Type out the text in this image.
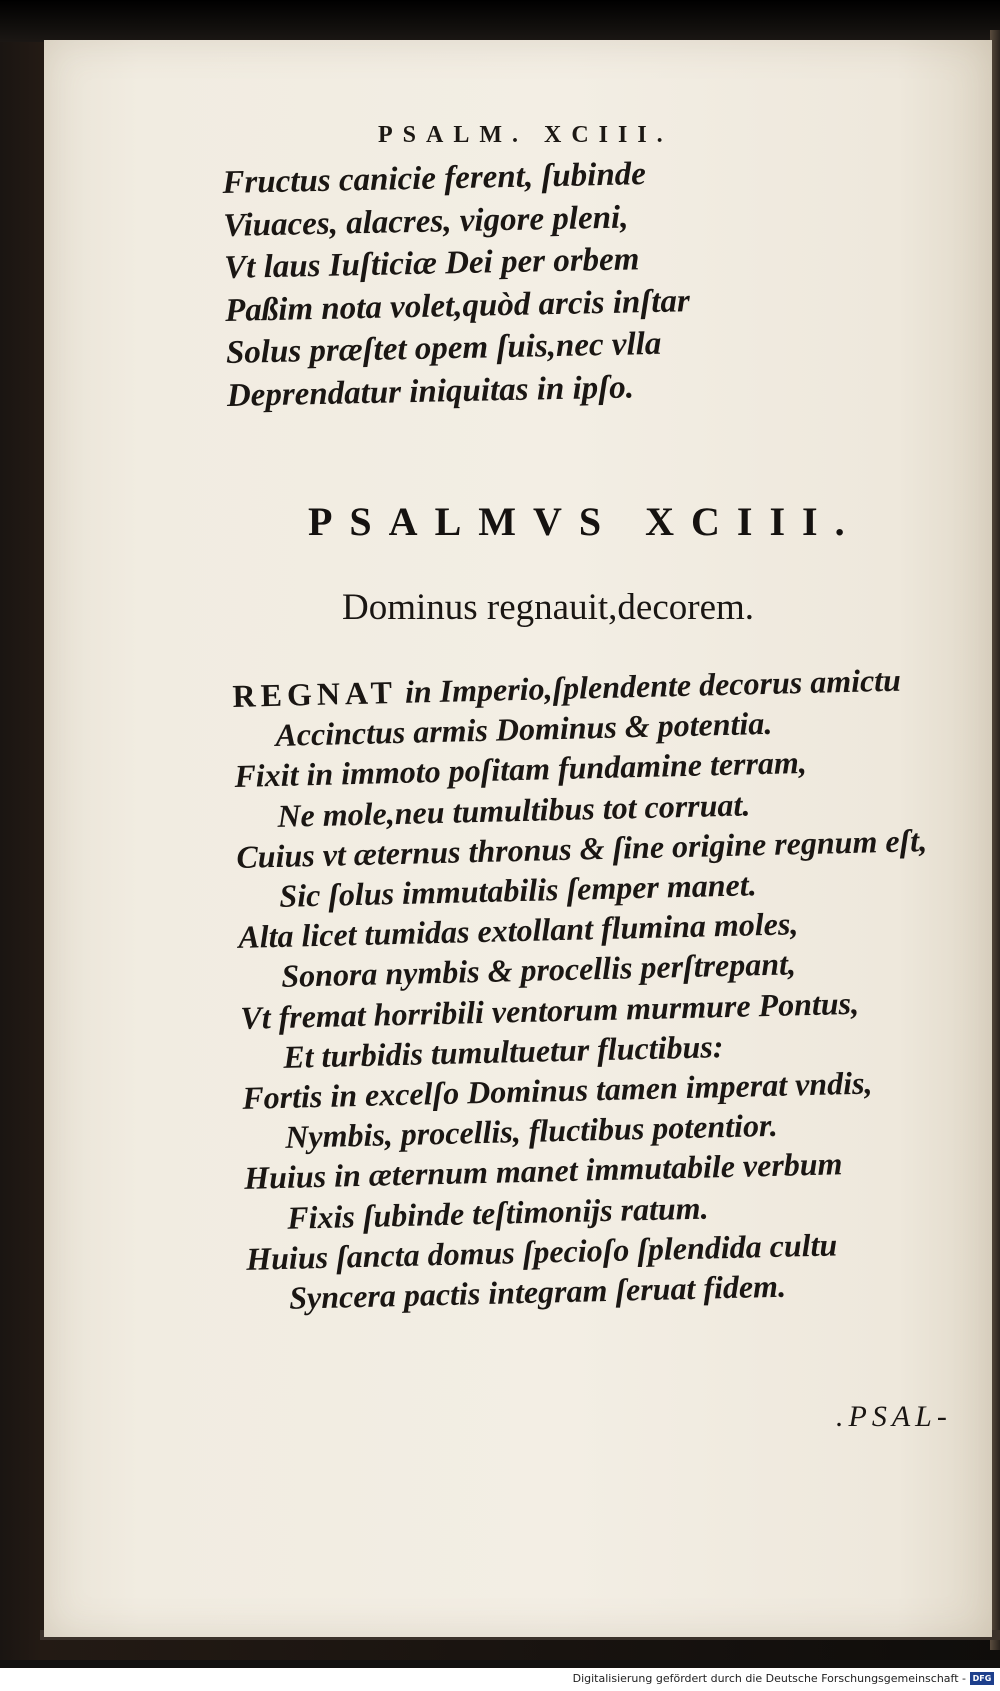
PSALM. XCIII.
Fructus canicie ferent, ſubinde
Viuaces, alacres, vigore pleni,
Vt laus Iuſticiæ Dei per orbem
Paßim nota volet,quòd arcis inſtar
Solus præſtet opem ſuis,nec vlla
Deprendatur iniquitas in ipſo.
PSALMVS XCIII.
Dominus regnauit,decorem.
REGNAT in Imperio,ſplendente decorus amictu
Accinctus armis Dominus & potentia.
Fixit in immoto poſitam fundamine terram,
Ne mole,neu tumultibus tot corruat.
Cuius vt æternus thronus & ſine origine regnum eſt,
Sic ſolus immutabilis ſemper manet.
Alta licet tumidas extollant flumina moles,
Sonora nymbis & procellis perſtrepant,
Vt fremat horribili ventorum murmure Pontus,
Et turbidis tumultuetur fluctibus:
Fortis in excelſo Dominus tamen imperat vndis,
Nymbis, procellis, fluctibus potentior.
Huius in æternum manet immutabile verbum
Fixis ſubinde teſtimonijs ratum.
Huius ſancta domus ſpecioſo ſplendida cultu
Syncera pactis integram ſeruat fidem.
.PSAL-
Digitalisierung gefördert durch die Deutsche Forschungsgemeinschaft - DFG
